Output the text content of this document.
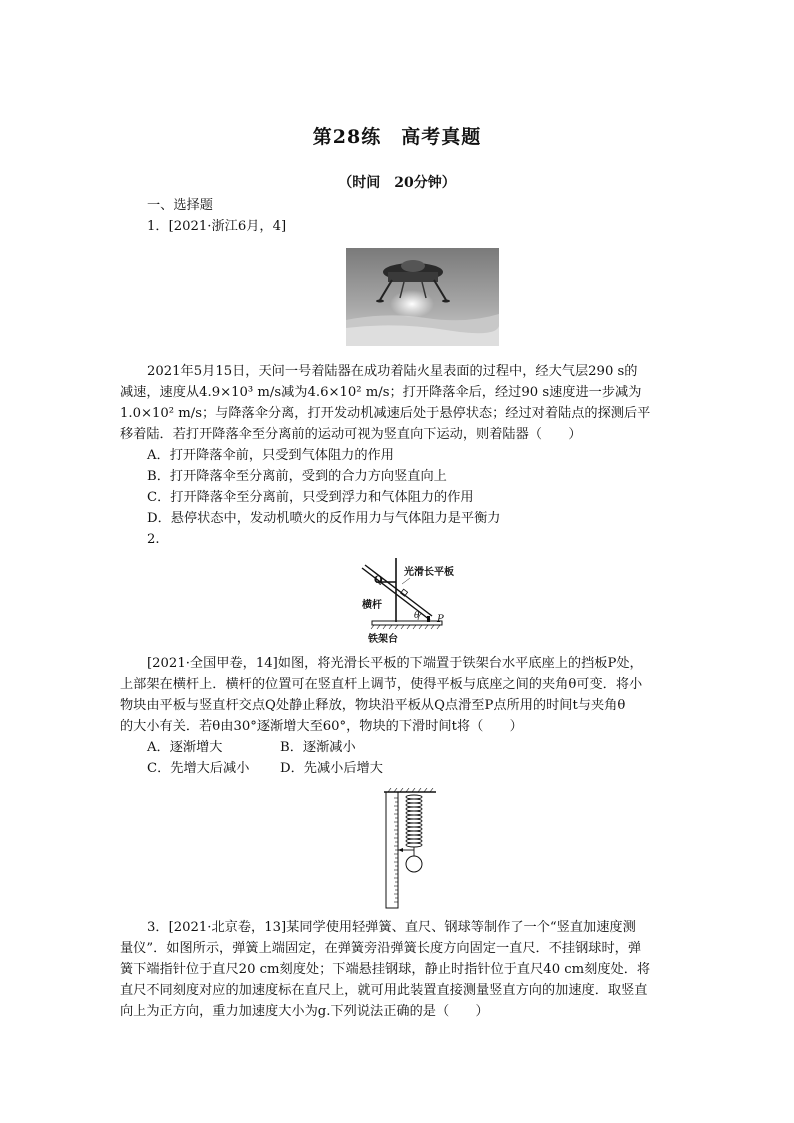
第28练　高考真题
（时间　20分钟）
一、选择题
1．[2021·浙江6月，4]
2021年5月15日，天问一号着陆器在成功着陆火星表面的过程中，经大气层290 s的
减速，速度从4.9×10³ m/s减为4.6×10² m/s；打开降落伞后，经过90 s速度进一步减为
1.0×10² m/s；与降落伞分离，打开发动机减速后处于悬停状态；经过对着陆点的探测后平
移着陆．若打开降落伞至分离前的运动可视为竖直向下运动，则着陆器（　　）
A．打开降落伞前，只受到气体阻力的作用
B．打开降落伞至分离前，受到的合力方向竖直向上
C．打开降落伞至分离前，只受到浮力和气体阻力的作用
D．悬停状态中，发动机喷火的反作用力与气体阻力是平衡力
2.
Q
光滑长平板
横杆
θ P
铁架台
[2021·全国甲卷，14]如图，将光滑长平板的下端置于铁架台水平底座上的挡板P处，
上部架在横杆上．横杆的位置可在竖直杆上调节，使得平板与底座之间的夹角θ可变．将小
物块由平板与竖直杆交点Q处静止释放，物块沿平板从Q点滑至P点所用的时间t与夹角θ
的大小有关．若θ由30°逐渐增大至60°，物块的下滑时间t将（　　）
A．逐渐增大	B．逐渐减小
C．先增大后减小 D．先减小后增大
3．[2021·北京卷，13]某同学使用轻弹簧、直尺、钢球等制作了一个“竖直加速度测
量仪”．如图所示，弹簧上端固定，在弹簧旁沿弹簧长度方向固定一直尺．不挂钢球时，弹
簧下端指针位于直尺20 cm刻度处；下端悬挂钢球，静止时指针位于直尺40 cm刻度处．将
直尺不同刻度对应的加速度标在直尺上，就可用此装置直接测量竖直方向的加速度．取竖直
向上为正方向，重力加速度大小为g.下列说法正确的是（　　）
